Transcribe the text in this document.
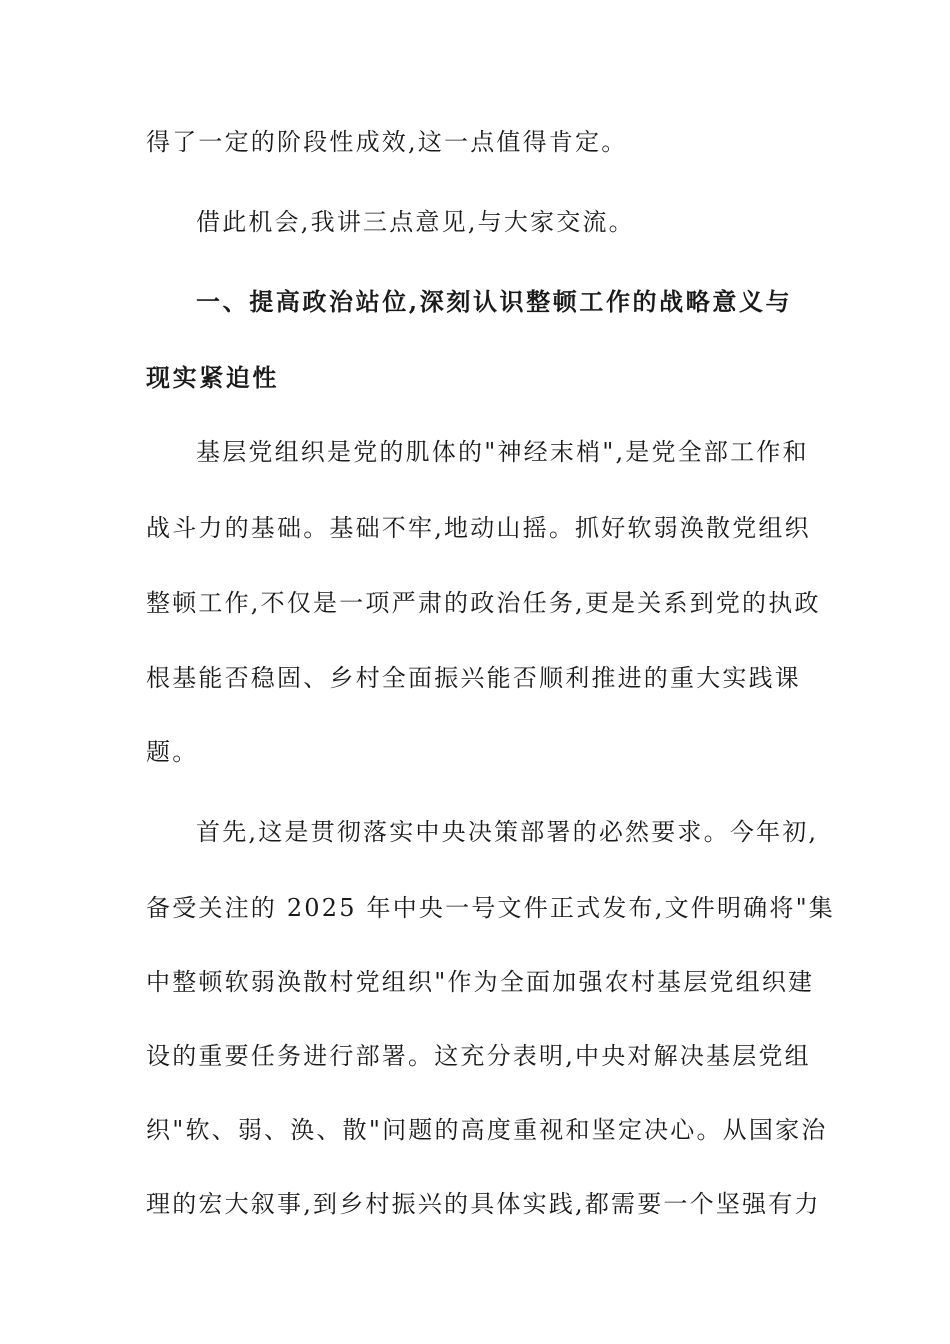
得了一定的阶段性成效,这一点值得肯定。
借此机会,我讲三点意见,与大家交流。
一、提高政治站位,深刻认识整顿工作的战略意义与
现实紧迫性
基层党组织是党的肌体的"神经末梢",是党全部工作和
战斗力的基础。基础不牢,地动山摇。抓好软弱涣散党组织
整顿工作,不仅是一项严肃的政治任务,更是关系到党的执政
根基能否稳固、乡村全面振兴能否顺利推进的重大实践课
题。
首先,这是贯彻落实中央决策部署的必然要求。今年初,
备受关注的 2025 年中央一号文件正式发布,文件明确将"集
中整顿软弱涣散村党组织"作为全面加强农村基层党组织建
设的重要任务进行部署。这充分表明,中央对解决基层党组
织"软、弱、涣、散"问题的高度重视和坚定决心。从国家治
理的宏大叙事,到乡村振兴的具体实践,都需要一个坚强有力
